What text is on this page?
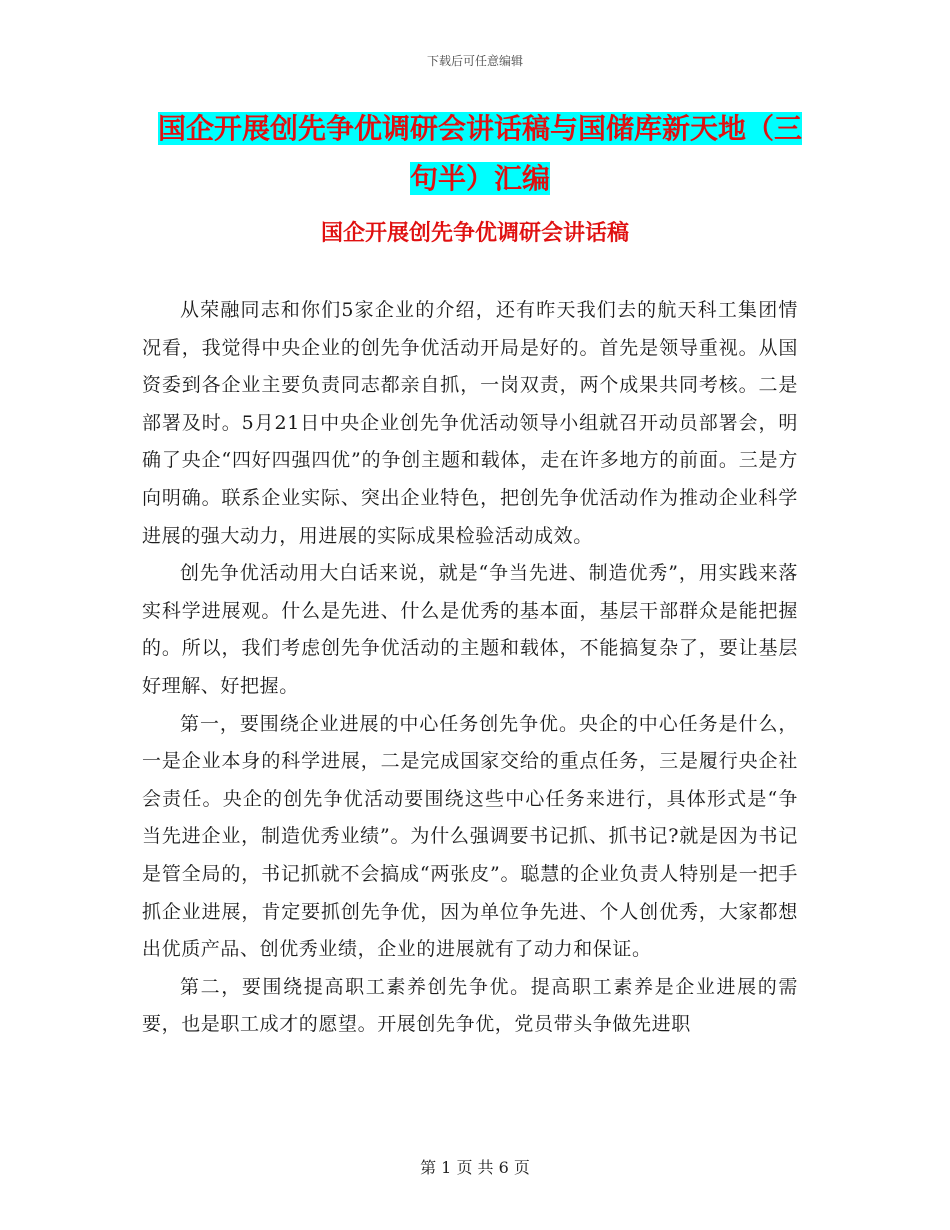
下载后可任意编辑
国企开展创先争优调研会讲话稿与国储库新天地（三句半）汇编
国企开展创先争优调研会讲话稿

从荣融同志和你们5家企业的介绍，还有昨天我们去的航天科工集团情况看，我觉得中央企业的创先争优活动开局是好的。首先是领导重视。从国资委到各企业主要负责同志都亲自抓，一岗双责，两个成果共同考核。二是部署及时。5月21日中央企业创先争优活动领导小组就召开动员部署会，明确了央企“四好四强四优”的争创主题和载体，走在许多地方的前面。三是方向明确。联系企业实际、突出企业特色，把创先争优活动作为推动企业科学进展的强大动力，用进展的实际成果检验活动成效。

创先争优活动用大白话来说，就是“争当先进、制造优秀”，用实践来落实科学进展观。什么是先进、什么是优秀的基本面，基层干部群众是能把握的。所以，我们考虑创先争优活动的主题和载体，不能搞复杂了，要让基层好理解、好把握。

第一，要围绕企业进展的中心任务创先争优。央企的中心任务是什么，一是企业本身的科学进展，二是完成国家交给的重点任务，三是履行央企社会责任。央企的创先争优活动要围绕这些中心任务来进行，具体形式是“争当先进企业，制造优秀业绩”。为什么强调要书记抓、抓书记?就是因为书记是管全局的，书记抓就不会搞成“两张皮”。聪慧的企业负责人特别是一把手抓企业进展，肯定要抓创先争优，因为单位争先进、个人创优秀，大家都想出优质产品、创优秀业绩，企业的进展就有了动力和保证。

第二，要围绕提高职工素养创先争优。提高职工素养是企业进展的需要，也是职工成才的愿望。开展创先争优，党员带头争做先进职

第 1 页 共 6 页
